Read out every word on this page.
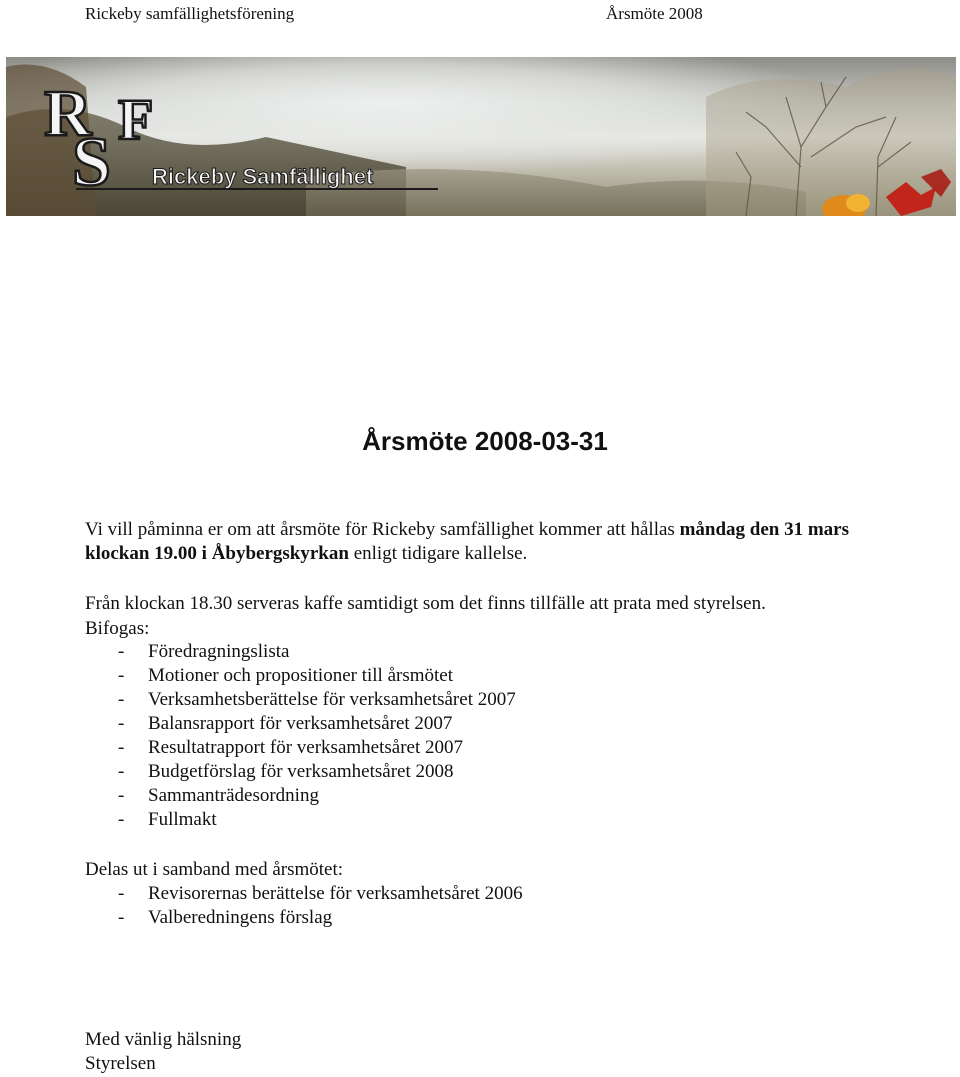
Rickeby samfällighetsförening	Årsmöte 2008
R F
S Rickeby Samfällighet
Årsmöte 2008-03-31

Vi vill påminna er om att årsmöte för Rickeby samfällighet kommer att hållas måndag den 31 mars klockan 19.00 i Åbybergskyrkan enligt tidigare kallelse.

Från klockan 18.30 serveras kaffe samtidigt som det finns tillfälle att prata med styrelsen.

Bifogas:

- Föredragningslista
- Motioner och propositioner till årsmötet
- Verksamhetsberättelse för verksamhetsåret 2007
- Balansrapport för verksamhetsåret 2007
- Resultatrapport för verksamhetsåret 2007
- Budgetförslag för verksamhetsåret 2008
- Sammanträdesordning
- Fullmakt

Delas ut i samband med årsmötet:

- Revisorernas berättelse för verksamhetsåret 2006
- Valberedningens förslag

Med vänlig hälsning

Styrelsen
